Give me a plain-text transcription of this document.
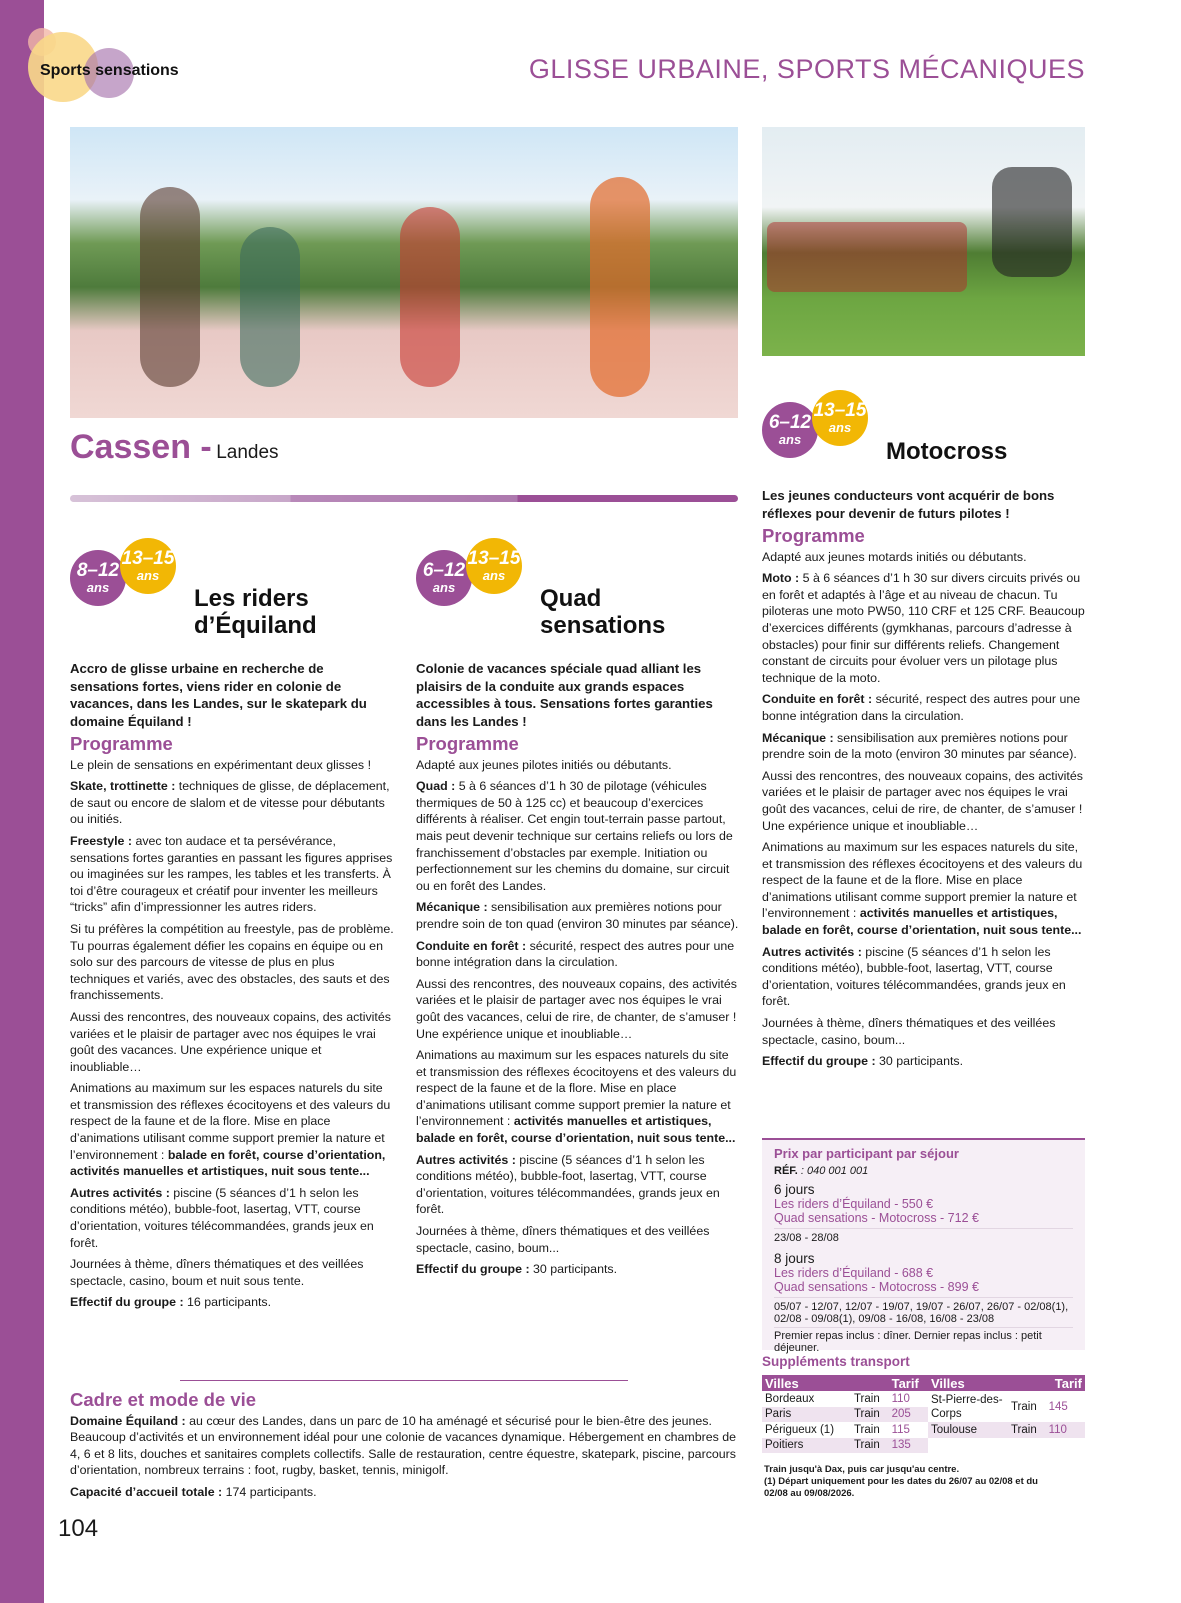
Sports sensations	GLISSE URBAINE, SPORTS MÉCANIQUES
Cassen - Landes
8–12
ans
13–15
ans
Les riders d’Équiland
Accro de glisse urbaine en recherche de sensations fortes, viens rider en colonie de vacances, dans les Landes, sur le skatepark du domaine Équiland !
Programme

Le plein de sensations en expérimentant deux glisses !

Skate, trottinette : techniques de glisse, de déplacement, de saut ou encore de slalom et de vitesse pour débutants ou initiés.

Freestyle : avec ton audace et ta persévérance, sensations fortes garanties en passant les figures apprises ou imaginées sur les rampes, les tables et les transferts. À toi d’être courageux et créatif pour inventer les meilleurs “tricks” afin d’impressionner les autres riders.

Si tu préfères la compétition au freestyle, pas de problème. Tu pourras également défier les copains en équipe ou en solo sur des parcours de vitesse de plus en plus techniques et variés, avec des obstacles, des sauts et des franchissements.

Aussi des rencontres, des nouveaux copains, des activités variées et le plaisir de partager avec nos équipes le vrai goût des vacances. Une expérience unique et inoubliable…

Animations au maximum sur les espaces naturels du site et transmission des réflexes écocitoyens et des valeurs du respect de la faune et de la flore. Mise en place d’animations utilisant comme support premier la nature et l’environnement : balade en forêt, course d’orientation, activités manuelles et artistiques, nuit sous tente...

Autres activités : piscine (5 séances d’1 h selon les conditions météo), bubble-foot, lasertag, VTT, course d’orientation, voitures télécommandées, grands jeux en forêt.

Journées à thème, dîners thématiques et des veillées spectacle, casino, boum et nuit sous tente.

Effectif du groupe : 16 participants.

6–12
ans
13–15
ans
Quad sensations
Colonie de vacances spéciale quad alliant les plaisirs de la conduite aux grands espaces accessibles à tous. Sensations fortes garanties dans les Landes !
Programme

Adapté aux jeunes pilotes initiés ou débutants.

Quad : 5 à 6 séances d’1 h 30 de pilotage (véhicules thermiques de 50 à 125 cc) et beaucoup d’exercices différents à réaliser. Cet engin tout-terrain passe partout, mais peut devenir technique sur certains reliefs ou lors de franchissement d’obstacles par exemple. Initiation ou perfectionnement sur les chemins du domaine, sur circuit ou en forêt des Landes.

Mécanique : sensibilisation aux premières notions pour prendre soin de ton quad (environ 30 minutes par séance).

Conduite en forêt : sécurité, respect des autres pour une bonne intégration dans la circulation.

Aussi des rencontres, des nouveaux copains, des activités variées et le plaisir de partager avec nos équipes le vrai goût des vacances, celui de rire, de chanter, de s’amuser ! Une expérience unique et inoubliable…

Animations au maximum sur les espaces naturels du site et transmission des réflexes écocitoyens et des valeurs du respect de la faune et de la flore. Mise en place d’animations utilisant comme support premier la nature et l’environnement : activités manuelles et artistiques, balade en forêt, course d’orientation, nuit sous tente...

Autres activités : piscine (5 séances d’1 h selon les conditions météo), bubble-foot, lasertag, VTT, course d’orientation, voitures télécommandées, grands jeux en forêt.

Journées à thème, dîners thématiques et des veillées spectacle, casino, boum...

Effectif du groupe : 30 participants.

6–12
ans
13–15
ans
Motocross
Les jeunes conducteurs vont acquérir de bons réflexes pour devenir de futurs pilotes !
Programme

Adapté aux jeunes motards initiés ou débutants.

Moto : 5 à 6 séances d’1 h 30 sur divers circuits privés ou en forêt et adaptés à l’âge et au niveau de chacun. Tu piloteras une moto PW50, 110 CRF et 125 CRF. Beaucoup d’exercices différents (gymkhanas, parcours d’adresse à obstacles) pour finir sur différents reliefs. Changement constant de circuits pour évoluer vers un pilotage plus technique de la moto.

Conduite en forêt : sécurité, respect des autres pour une bonne intégration dans la circulation.

Mécanique : sensibilisation aux premières notions pour prendre soin de la moto (environ 30 minutes par séance).

Aussi des rencontres, des nouveaux copains, des activités variées et le plaisir de partager avec nos équipes le vrai goût des vacances, celui de rire, de chanter, de s’amuser ! Une expérience unique et inoubliable…

Animations au maximum sur les espaces naturels du site, et transmission des réflexes écocitoyens et des valeurs du respect de la faune et de la flore. Mise en place d’animations utilisant comme support premier la nature et l’environnement : activités manuelles et artistiques, balade en forêt, course d’orientation, nuit sous tente...

Autres activités : piscine (5 séances d’1 h selon les conditions météo), bubble-foot, lasertag, VTT, course d’orientation, voitures télécommandées, grands jeux en forêt.

Journées à thème, dîners thématiques et des veillées spectacle, casino, boum...

Effectif du groupe : 30 participants.

Cadre et mode de vie

Domaine Équiland : au cœur des Landes, dans un parc de 10 ha aménagé et sécurisé pour le bien-être des jeunes. Beaucoup d’activités et un environnement idéal pour une colonie de vacances dynamique. Hébergement en chambres de 4, 6 et 8 lits, douches et sanitaires complets collectifs. Salle de restauration, centre équestre, skatepark, piscine, parcours d’orientation, nombreux terrains : foot, rugby, basket, tennis, minigolf.

Capacité d’accueil totale : 174 participants.

104
Prix par participant par séjour
RÉF. : 040 001 001
6 jours
Les riders d’Équiland - 550 €
Quad sensations - Motocross - 712 €
23/08 - 28/08
8 jours
Les riders d’Équiland - 688 €
Quad sensations - Motocross - 899 €
05/07 - 12/07, 12/07 - 19/07, 19/07 - 26/07, 26/07 - 02/08(1), 02/08 - 09/08(1), 09/08 - 16/08, 16/08 - 23/08
Premier repas inclus : dîner. Dernier repas inclus : petit déjeuner.
Suppléments transport
Villes		Tarif	Villes		Tarif
Bordeaux	Train	110	St-Pierre-des-Corps	Train	145
Paris	Train	205			
Périgueux (1)	Train	115	Toulouse	Train	110
Poitiers	Train	135			
Train jusqu'à Dax, puis car jusqu'au centre.
(1) Départ uniquement pour les dates du 26/07 au 02/08 et du 02/08 au 09/08/2026.
